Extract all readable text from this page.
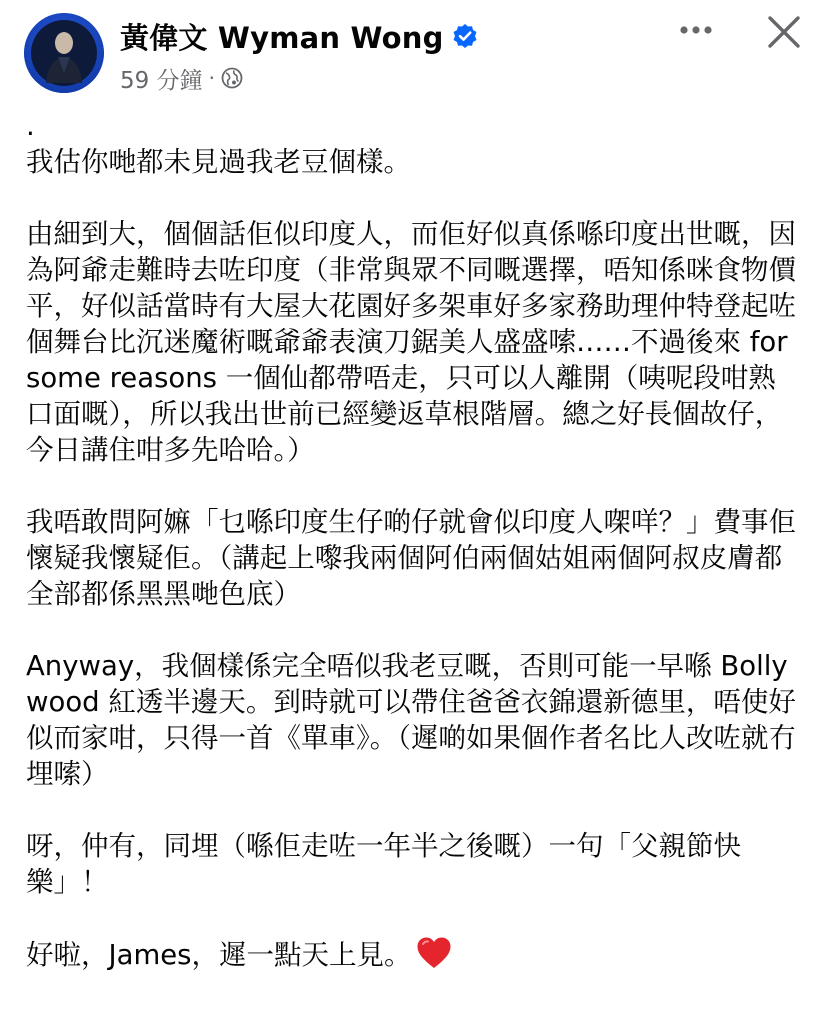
黃偉文 Wyman Wong
59 分鐘 ·

.

我估你哋都未見過我老豆個樣。

由細到大，個個話佢似印度人，而佢好似真係喺印度出世嘅，因為阿爺走難時去咗印度（非常與眾不同嘅選擇，唔知係咪食物價平，好似話當時有大屋大花園好多架車好多家務助理仲特登起咗個舞台比沉迷魔術嘅爺爺表演刀鋸美人盛盛嗦……不過後來 for some reasons 一個仙都帶唔走，只可以人離開（咦呢段咁熟口面嘅），所以我出世前已經變返草根階層。總之好長個故仔，今日講住咁多先哈哈。）

我唔敢問阿嫲「乜喺印度生仔啲仔就會似印度人㗎咩？」費事佢懷疑我懷疑佢。（講起上嚟我兩個阿伯兩個姑姐兩個阿叔皮膚都全部都係黑黑哋色底）

Anyway，我個樣係完全唔似我老豆嘅，否則可能一早喺 Bollywood 紅透半邊天。到時就可以帶住爸爸衣錦還新德里，唔使好似而家咁，只得一首《單車》。（遲啲如果個作者名比人改咗就冇埋嗦）

呀，仲有，同埋（喺佢走咗一年半之後嘅）一句「父親節快樂」！

好啦，James，遲一點天上見。
